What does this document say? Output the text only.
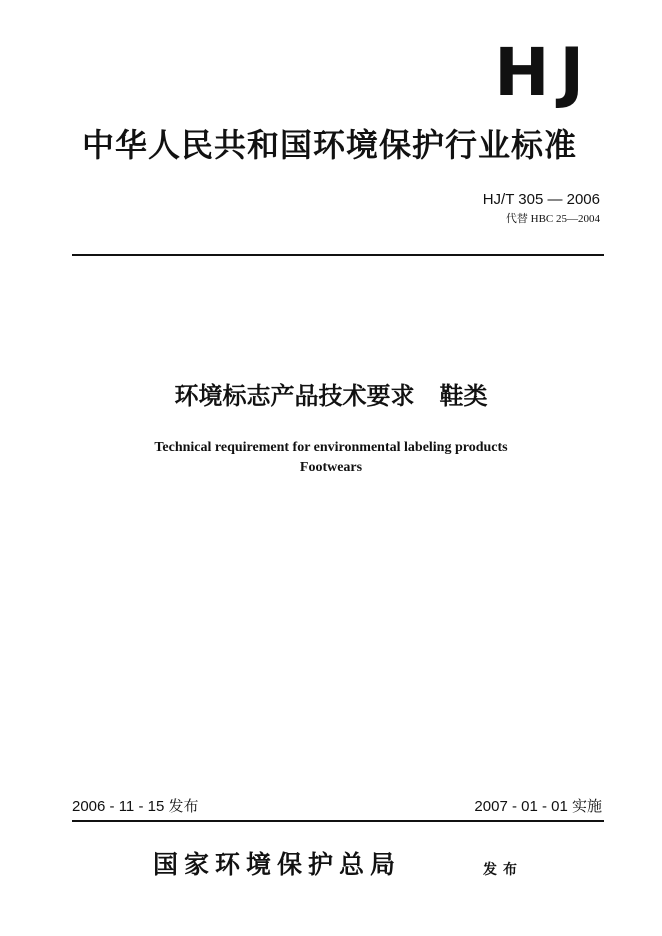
HJ
中华人民共和国环境保护行业标准
HJ/T 305 — 2006
代替 HBC 25—2004
环境标志产品技术要求   鞋类
Technical requirement for environmental labeling products
Footwears
2006 - 11 - 15 发布	2007 - 01 - 01 实施
国家环境保护总局	发布
